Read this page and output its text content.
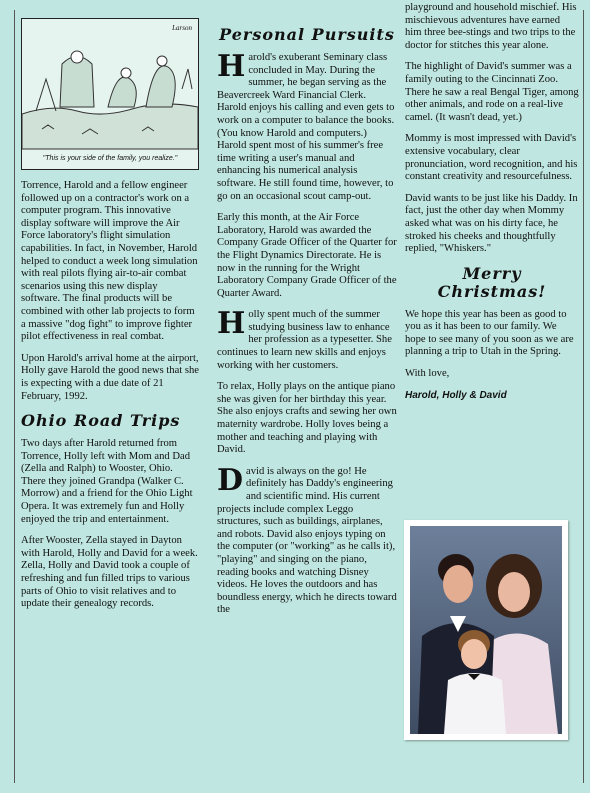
Larson
"This is your side of the family, you realize."

Torrence, Harold and a fellow engineer followed up on a contractor's work on a computer program. This innovative display software will improve the Air Force laboratory's flight simulation capabilities. In fact, in November, Harold helped to conduct a week long simulation with real pilots flying air-to-air combat scenarios using this new display software. The final products will be combined with other lab projects to form a massive "dog fight" to improve fighter pilot effectiveness in real combat.

Upon Harold's arrival home at the airport, Holly gave Harold the good news that she is expecting with a due date of 21 February, 1992.

Ohio Road Trips

Two days after Harold returned from Torrence, Holly left with Mom and Dad (Zella and Ralph) to Wooster, Ohio. There they joined Grandpa (Walker C. Morrow) and a friend for the Ohio Light Opera. It was extremely fun and Holly enjoyed the trip and entertainment.

After Wooster, Zella stayed in Dayton with Harold, Holly and David for a week. Zella, Holly and David took a couple of refreshing and fun filled trips to various parts of Ohio to visit relatives and to update their genealogy records.

Personal Pursuits

H arold's exuberant Seminary class concluded in May. During the summer, he began serving as the Beavercreek Ward Financial Clerk. Harold enjoys his calling and even gets to work on a computer to balance the books. (You know Harold and computers.) Harold spent most of his summer's free time writing a user's manual and enhancing his numerical analysis software. He still found time, however, to go on an occasional scout camp-out.

Early this month, at the Air Force Laboratory, Harold was awarded the Company Grade Officer of the Quarter for the Flight Dynamics Directorate. He is now in the running for the Wright Laboratory Company Grade Officer of the Quarter Award.

H olly spent much of the summer studying business law to enhance her profession as a typesetter. She continues to learn new skills and enjoys working with her customers.

To relax, Holly plays on the antique piano she was given for her birthday this year. She also enjoys crafts and sewing her own maternity wardrobe. Holly loves being a mother and teaching and playing with David.

D avid is always on the go! He definitely has Daddy's engineering and scientific mind. His current projects include complex Leggo structures, such as buildings, airplanes, and robots. David also enjoys typing on the computer (or "working" as he calls it), "playing" and singing on the piano, reading books and watching Disney videos. He loves the outdoors and has boundless energy, which he directs toward the

playground and household mischief. His mischievous adventures have earned him three bee-stings and two trips to the doctor for stitches this year alone.

The highlight of David's summer was a family outing to the Cincinnati Zoo. There he saw a real Bengal Tiger, among other animals, and rode on a real-live camel. (It wasn't dead, yet.)

Mommy is most impressed with David's extensive vocabulary, clear pronunciation, word recognition, and his constant creativity and resourcefulness.

David wants to be just like his Daddy. In fact, just the other day when Mommy asked what was on his dirty face, he stroked his cheeks and thoughtfully replied, "Whiskers."

Merry Christmas!

We hope this year has been as good to you as it has been to our family. We hope to see many of you soon as we are planning a trip to Utah in the Spring.

With love,

Harold, Holly & David
